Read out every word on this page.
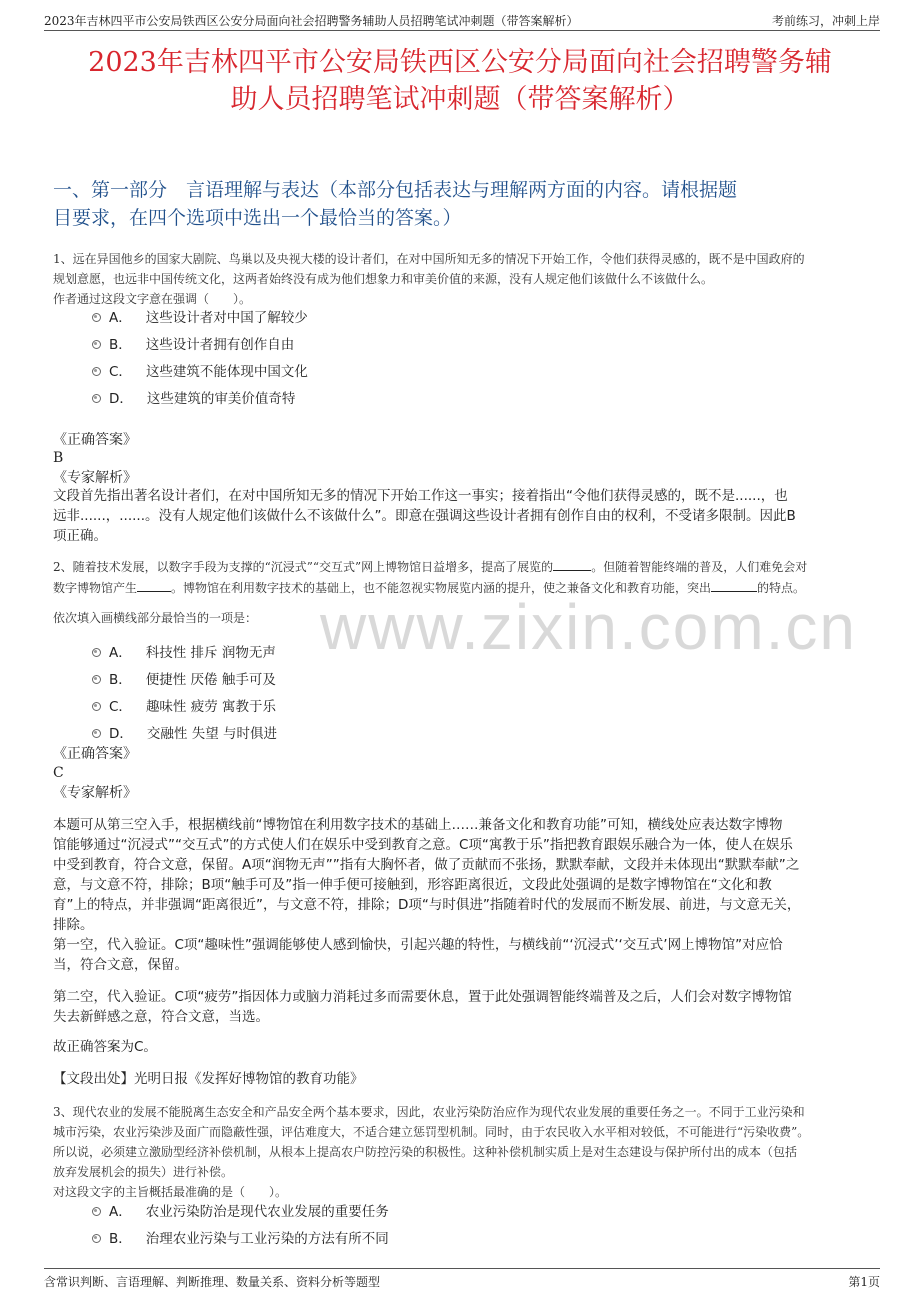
2023年吉林四平市公安局铁西区公安分局面向社会招聘警务辅助人员招聘笔试冲刺题（带答案解析）	考前练习，冲刺上岸
2023年吉林四平市公安局铁西区公安分局面向社会招聘警务辅
助人员招聘笔试冲刺题（带答案解析）
一、第一部分　言语理解与表达（本部分包括表达与理解两方面的内容。请根据题
目要求，在四个选项中选出一个最恰当的答案。）
1、远在异国他乡的国家大剧院、鸟巢以及央视大楼的设计者们，在对中国所知无多的情况下开始工作，令他们获得灵感的，既不是中国政府的
规划意愿，也远非中国传统文化，这两者始终没有成为他们想象力和审美价值的来源，没有人规定他们该做什么不该做什么。
作者通过这段文字意在强调（　　）。
A． 这些设计者对中国了解较少
B． 这些设计者拥有创作自由
C． 这些建筑不能体现中国文化
D． 这些建筑的审美价值奇特
《正确答案》
B
《专家解析》
文段首先指出著名设计者们，在对中国所知无多的情况下开始工作这一事实；接着指出“令他们获得灵感的，既不是......，也
远非......，......。没有人规定他们该做什么不该做什么”。即意在强调这些设计者拥有创作自由的权利，不受诸多限制。因此B
项正确。
2、随着技术发展，以数字手段为支撑的“沉浸式”“交互式”网上博物馆日益增多，提高了展览的	。但随着智能终端的普及，人们难免会对
数字博物馆产生	。博物馆在利用数字技术的基础上，也不能忽视实物展览内涵的提升，使之兼备文化和教育功能，突出	的特点。
依次填入画横线部分最恰当的一项是：
A． 科技性 排斥 润物无声
B． 便捷性 厌倦 触手可及
C． 趣味性 疲劳 寓教于乐
D． 交融性 失望 与时俱进
《正确答案》
C
《专家解析》
本题可从第三空入手，根据横线前“博物馆在利用数字技术的基础上……兼备文化和教育功能”可知，横线处应表达数字博物
馆能够通过“沉浸式”“交互式”的方式使人们在娱乐中受到教育之意。C项“寓教于乐”指把教育跟娱乐融合为一体，使人在娱乐
中受到教育，符合文意，保留。A项“润物无声””指有大胸怀者，做了贡献而不张扬，默默奉献，文段并未体现出“默默奉献”之
意，与文意不符，排除；B项“触手可及”指一伸手便可接触到，形容距离很近，文段此处强调的是数字博物馆在“文化和教
育”上的特点，并非强调“距离很近”，与文意不符，排除；D项“与时俱进”指随着时代的发展而不断发展、前进，与文意无关，
排除。
第一空，代入验证。C项“趣味性”强调能够使人感到愉快，引起兴趣的特性，与横线前“‘沉浸式’‘交互式’网上博物馆”对应恰
当，符合文意，保留。
第二空，代入验证。C项“疲劳”指因体力或脑力消耗过多而需要休息，置于此处强调智能终端普及之后，人们会对数字博物馆
失去新鲜感之意，符合文意，当选。
故正确答案为C。
【文段出处】光明日报《发挥好博物馆的教育功能》
3、现代农业的发展不能脱离生态安全和产品安全两个基本要求，因此，农业污染防治应作为现代农业发展的重要任务之一。不同于工业污染和
城市污染，农业污染涉及面广而隐蔽性强，评估难度大，不适合建立惩罚型机制。同时，由于农民收入水平相对较低，不可能进行“污染收费”。
所以说，必须建立激励型经济补偿机制，从根本上提高农户防控污染的积极性。这种补偿机制实质上是对生态建设与保护所付出的成本（包括
放弃发展机会的损失）进行补偿。
对这段文字的主旨概括最准确的是（　　）。
A． 农业污染防治是现代农业发展的重要任务
B． 治理农业污染与工业污染的方法有所不同
www.zixin.com.cn
含常识判断、言语理解、判断推理、数量关系、资料分析等题型	第1页
